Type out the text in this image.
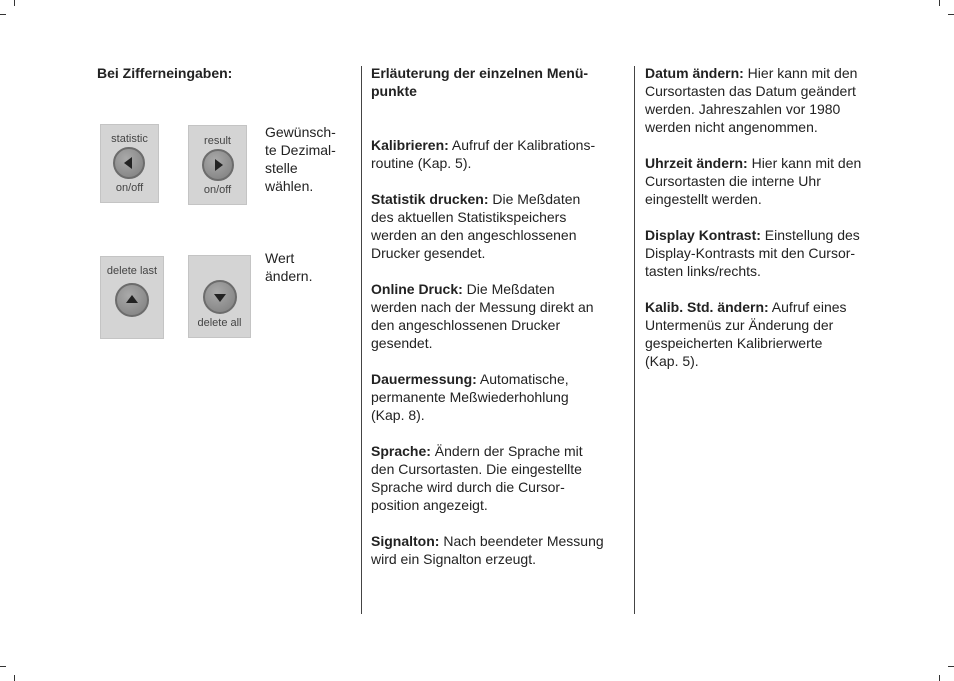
Bei Zifferneingaben:
statistic
on/off
result
on/off
Gewünsch-
te Dezimal-
stelle
wählen.
delete last
delete all
Wert
ändern.
Erläuterung der einzelnen Menü-
punkte
Kalibrieren: Aufruf der Kalibrations-
routine (Kap. 5).
Statistik drucken: Die Meßdaten
des aktuellen Statistikspeichers
werden an den angeschlossenen
Drucker gesendet.
Online Druck: Die Meßdaten
werden nach der Messung direkt an
den angeschlossenen Drucker
gesendet.
Dauermessung: Automatische,
permanente Meßwiederhohlung
(Kap. 8).
Sprache: Ändern der Sprache mit
den Cursortasten. Die eingestellte
Sprache wird durch die Cursor-
position angezeigt.
Signalton: Nach beendeter Messung
wird ein Signalton erzeugt.
Datum ändern: Hier kann mit den
Cursortasten das Datum geändert
werden. Jahreszahlen vor 1980
werden nicht angenommen.
Uhrzeit ändern: Hier kann mit den
Cursortasten die interne Uhr
eingestellt werden.
Display Kontrast: Einstellung des
Display-Kontrasts mit den Cursor-
tasten links/rechts.
Kalib. Std. ändern: Aufruf eines
Untermenüs zur Änderung der
gespeicherten Kalibrierwerte
(Kap. 5).
